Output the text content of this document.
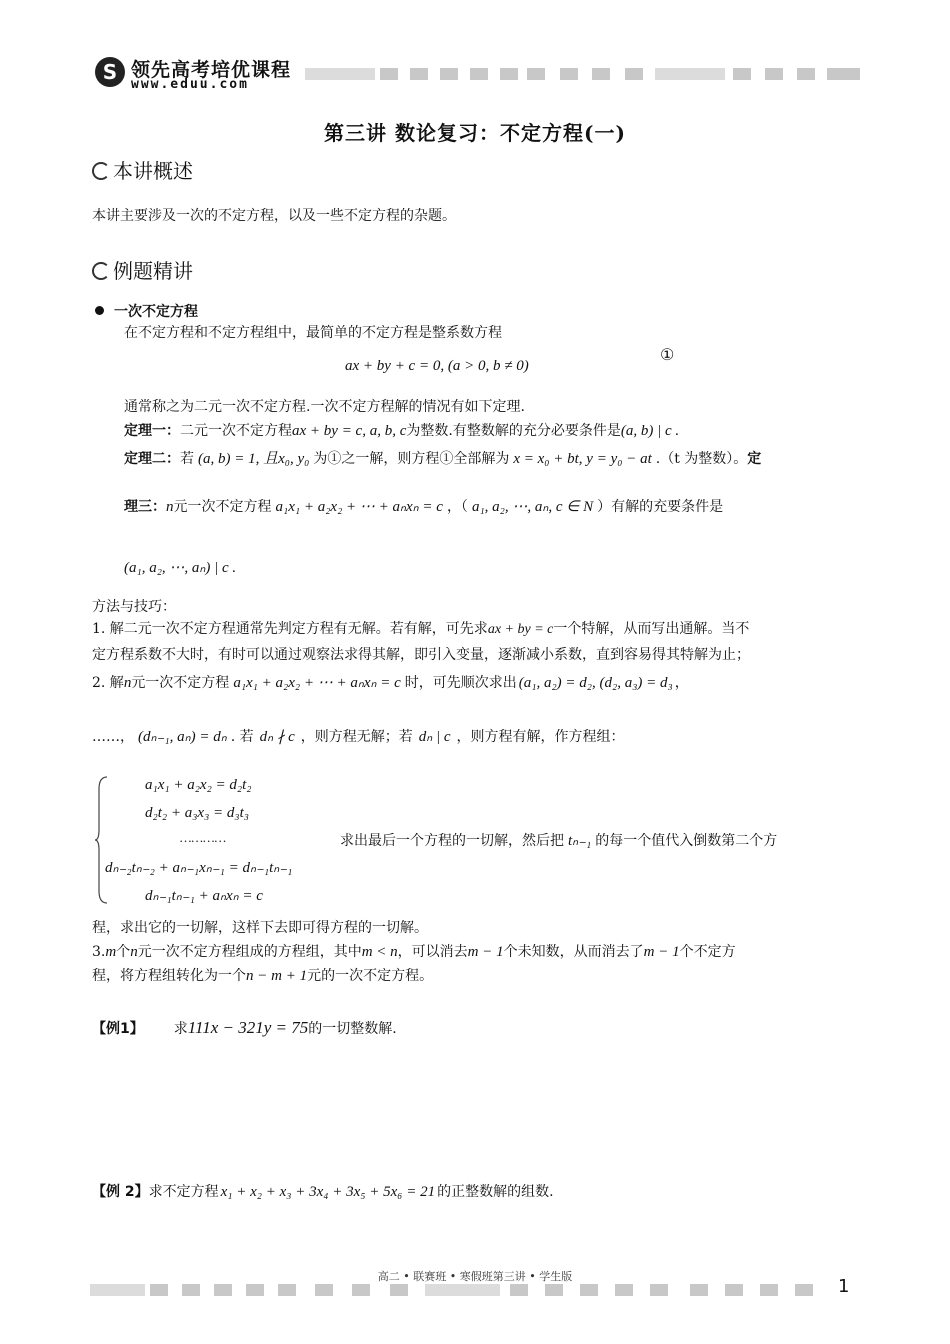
S 领先高考培优课程
www.eduu.com
第三讲 数论复习：不定方程(一)
本讲概述
本讲主要涉及一次的不定方程，以及一些不定方程的杂题。
例题精讲
一次不定方程
在不定方程和不定方程组中，最简单的不定方程是整系数方程
ax + by + c = 0, (a > 0, b ≠ 0)
①
通常称之为二元一次不定方程.一次不定方程解的情况有如下定理.
定理一：二元一次不定方程ax + by = c, a, b, c为整数.有整数解的充分必要条件是(a, b) | c .
定理二：若 (a, b) = 1, 且x₀, y₀ 为①之一解，则方程①全部解为 x = x₀ + bt, y = y₀ − at .（t 为整数）。定
理三：n元一次不定方程 a₁x₁ + a₂x₂ + ⋯ + aₙxₙ = c ，（ a₁, a₂, ⋯, aₙ, c ∈ N ）有解的充要条件是
(a₁, a₂, ⋯, aₙ) | c .
方法与技巧：
1. 解二元一次不定方程通常先判定方程有无解。若有解，可先求ax + by = c一个特解，从而写出通解。当不
定方程系数不大时，有时可以通过观察法求得其解，即引入变量，逐渐减小系数，直到容易得其特解为止；
2. 解n元一次不定方程 a₁x₁ + a₂x₂ + ⋯ + aₙxₙ = c 时，可先顺次求出 (a₁, a₂) = d₂, (d₂, a₃) = d₃ ，
……， (dₙ₋₁, aₙ) = dₙ . 若 dₙ ∤ c ，则方程无解；若 dₙ | c ，则方程有解，作方程组：
a₁x₁ + a₂x₂ = d₂t₂
d₂t₂ + a₃x₃ = d₃t₃
…………
dₙ₋₂tₙ₋₂ + aₙ₋₁xₙ₋₁ = dₙ₋₁tₙ₋₁
dₙ₋₁tₙ₋₁ + aₙxₙ = c
求出最后一个方程的一切解，然后把 tₙ₋₁ 的每一个值代入倒数第二个方
程，求出它的一切解，这样下去即可得方程的一切解。
3.m个n元一次不定方程组成的方程组，其中m < n，可以消去m − 1个未知数，从而消去了m − 1个不定方
程，将方程组转化为一个n − m + 1元的一次不定方程。
【例1】 求111x − 321y = 75的一切整数解.
【例 2】求不定方程 x₁ + x₂ + x₃ + 3x₄ + 3x₅ + 5x₆ = 21 的正整数解的组数.
高二 • 联赛班 • 寒假班第三讲 • 学生版	1
